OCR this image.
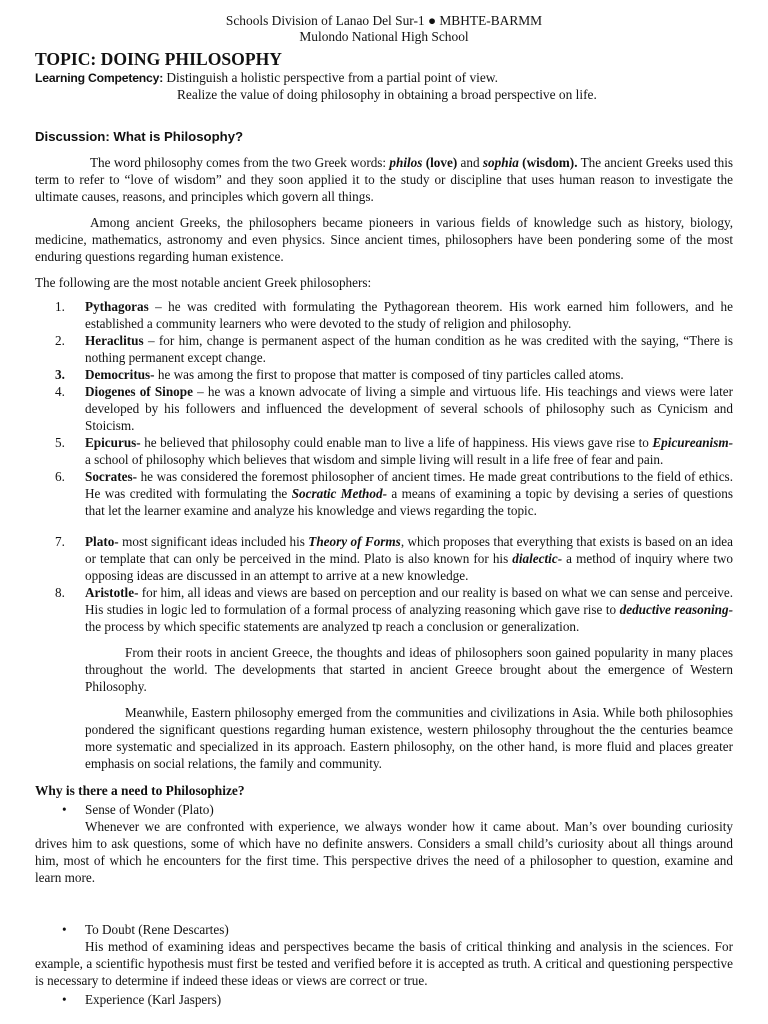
Schools Division of Lanao Del Sur-1 ● MBHTE-BARMM
Mulondo National High School
TOPIC: DOING PHILOSOPHY
Learning Competency: Distinguish a holistic perspective from a partial point of view.
Realize the value of doing philosophy in obtaining a broad perspective on life.
Discussion: What is Philosophy?

The word philosophy comes from the two Greek words: philos (love) and sophia (wisdom). The ancient Greeks used this term to refer to “love of wisdom” and they soon applied it to the study or discipline that uses human reason to investigate the ultimate causes, reasons, and principles which govern all things.

Among ancient Greeks, the philosophers became pioneers in various fields of knowledge such as history, biology, medicine, mathematics, astronomy and even physics. Since ancient times, philosophers have been pondering some of the most enduring questions regarding human existence.

The following are the most notable ancient Greek philosophers:

1.	Pythagoras – he was credited with formulating the Pythagorean theorem. His work earned him followers, and he established a community learners who were devoted to the study of religion and philosophy.
2.	Heraclitus – for him, change is permanent aspect of the human condition as he was credited with the saying, “There is nothing permanent except change.
3.	Democritus- he was among the first to propose that matter is composed of tiny particles called atoms.
4.	Diogenes of Sinope – he was a known advocate of living a simple and virtuous life. His teachings and views were later developed by his followers and influenced the development of several schools of philosophy such as Cynicism and Stoicism.
5.	Epicurus- he believed that philosophy could enable man to live a life of happiness. His views gave rise to Epicureanism- a school of philosophy which believes that wisdom and simple living will result in a life free of fear and pain.
6.	Socrates- he was considered the foremost philosopher of ancient times. He made great contributions to the field of ethics. He was credited with formulating the Socratic Method- a means of examining a topic by devising a series of questions that let the learner examine and analyze his knowledge and views regarding the topic.
7.	Plato- most significant ideas included his Theory of Forms, which proposes that everything that exists is based on an idea or template that can only be perceived in the mind. Plato is also known for his dialectic- a method of inquiry where two opposing ideas are discussed in an attempt to arrive at a new knowledge.
8.	Aristotle- for him, all ideas and views are based on perception and our reality is based on what we can sense and perceive. His studies in logic led to formulation of a formal process of analyzing reasoning which gave rise to deductive reasoning- the process by which specific statements are analyzed tp reach a conclusion or generalization.

From their roots in ancient Greece, the thoughts and ideas of philosophers soon gained popularity in many places throughout the world. The developments that started in ancient Greece brought about the emergence of Western Philosophy.

Meanwhile, Eastern philosophy emerged from the communities and civilizations in Asia. While both philosophies pondered the significant questions regarding human existence, western philosophy throughout the the centuries beamce more systematic and specialized in its approach. Eastern philosophy, on the other hand, is more fluid and places greater emphasis on social relations, the family and community.

Why is there a need to Philosophize?
•	Sense of Wonder (Plato)

Whenever we are confronted with experience, we always wonder how it came about. Man’s over bounding curiosity drives him to ask questions, some of which have no definite answers. Considers a small child’s curiosity about all things around him, most of which he encounters for the first time. This perspective drives the need of a philosopher to question, examine and learn more.

•	To Doubt (Rene Descartes)

His method of examining ideas and perspectives became the basis of critical thinking and analysis in the sciences. For example, a scientific hypothesis must first be tested and verified before it is accepted as truth. A critical and questioning perspective is necessary to determine if indeed these ideas or views are correct or true.

•	Experience (Karl Jaspers)
